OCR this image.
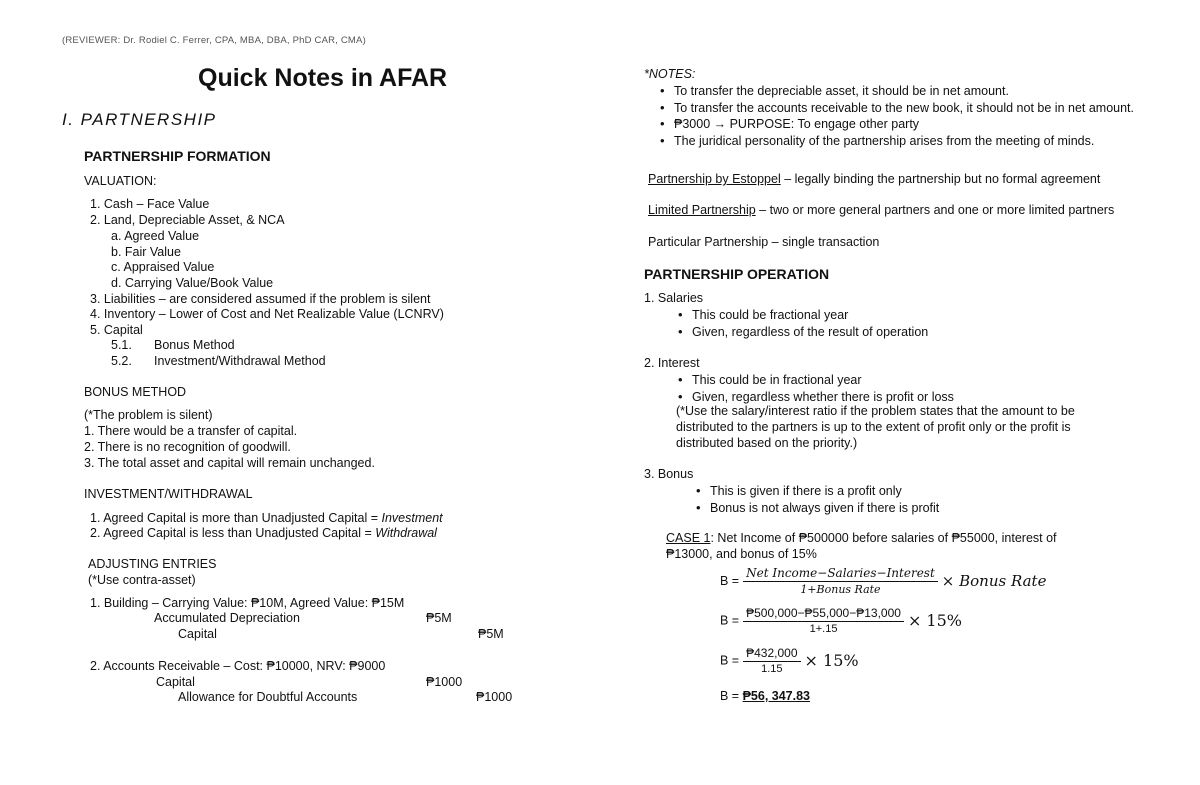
(REVIEWER: Dr. Rodiel C. Ferrer, CPA, MBA, DBA, PhD CAR, CMA)
Quick Notes in AFAR
I. PARTNERSHIP
PARTNERSHIP FORMATION
VALUATION:
1. Cash – Face Value
2. Land, Depreciable Asset, & NCA
a. Agreed Value
b. Fair Value
c. Appraised Value
d. Carrying Value/Book Value
3. Liabilities – are considered assumed if the problem is silent
4. Inventory – Lower of Cost and Net Realizable Value (LCNRV)
5. Capital
5.1. Bonus Method
5.2. Investment/Withdrawal Method
BONUS METHOD
(*The problem is silent)
1. There would be a transfer of capital.
2. There is no recognition of goodwill.
3. The total asset and capital will remain unchanged.
INVESTMENT/WITHDRAWAL
1. Agreed Capital is more than Unadjusted Capital = Investment
2. Agreed Capital is less than Unadjusted Capital = Withdrawal
ADJUSTING ENTRIES
(*Use contra-asset)
1. Building – Carrying Value: ₱10M, Agreed Value: ₱15M
Accumulated Depreciation	₱5M
Capital	₱5M
2. Accounts Receivable – Cost: ₱10000, NRV: ₱9000
Capital	₱1000
Allowance for Doubtful Accounts	₱1000
*NOTES:
• To transfer the depreciable asset, it should be in net amount.
• To transfer the accounts receivable to the new book, it should not be in net amount.
• ₱3000 → PURPOSE: To engage other party
• The juridical personality of the partnership arises from the meeting of minds.
Partnership by Estoppel – legally binding the partnership but no formal agreement
Limited Partnership – two or more general partners and one or more limited partners
Particular Partnership – single transaction
PARTNERSHIP OPERATION
1. Salaries
• This could be fractional year
• Given, regardless of the result of operation
2. Interest
• This could be in fractional year
• Given, regardless whether there is profit or loss
(*Use the salary/interest ratio if the problem states that the amount to be distributed to the partners is up to the extent of profit only or the profit is distributed based on the priority.)
3. Bonus
• This is given if there is a profit only
• Bonus is not always given if there is profit
CASE 1: Net Income of ₱500000 before salaries of ₱55000, interest of ₱13000, and bonus of 15%
$B = \frac{\text{Net Income−Salaries−Interest}}{\text{1+Bonus Rate}}$ × Bonus Rate
$B = \frac{₱500,000-₱55,000-₱13,000}{1+.15} \times 15\%$
$B = \frac{₱432,000}{1.15} \times 15\%$
B = ₱56, 347.83
